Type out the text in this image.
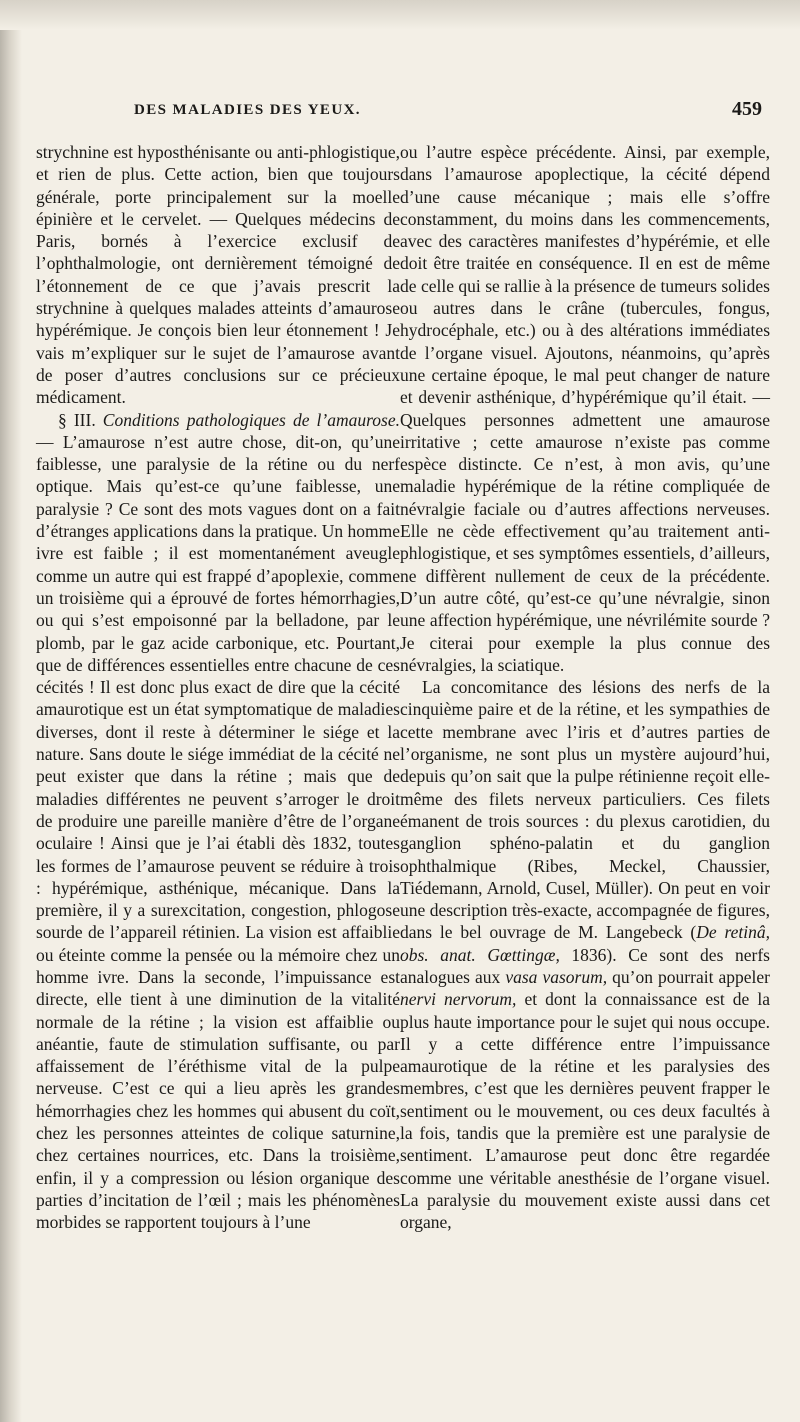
DES MALADIES DES YEUX.	459

strychnine est hyposthénisante ou anti-phlogistique, et rien de plus. Cette action, bien que toujours générale, porte principalement sur la moelle épinière et le cervelet. — Quelques médecins de Paris, bornés à l’exercice exclusif de l’ophthalmologie, ont dernièrement témoigné de l’étonnement de ce que j’avais prescrit la strychnine à quelques malades atteints d’amaurose hypérémique. Je conçois bien leur étonnement ! Je vais m’expliquer sur le sujet de l’amaurose avant de poser d’autres conclusions sur ce précieux médicament.

§ III. Conditions pathologiques de l’amaurose. — L’amaurose n’est autre chose, dit-on, qu’une faiblesse, une paralysie de la rétine ou du nerf optique. Mais qu’est-ce qu’une faiblesse, une paralysie ? Ce sont des mots vagues dont on a fait d’étranges applications dans la pratique. Un homme ivre est faible ; il est momentanément aveugle comme un autre qui est frappé d’apoplexie, comme un troisième qui a éprouvé de fortes hémorrhagies, ou qui s’est empoisonné par la belladone, par le plomb, par le gaz acide carbonique, etc. Pourtant, que de différences essentielles entre chacune de ces cécités ! Il est donc plus exact de dire que la cécité amaurotique est un état symptomatique de maladies diverses, dont il reste à déterminer le siége et la nature. Sans doute le siége immédiat de la cécité ne peut exister que dans la rétine ; mais que de maladies différentes ne peuvent s’arroger le droit de produire une pareille manière d’être de l’organe oculaire ! Ainsi que je l’ai établi dès 1832, toutes les formes de l’amaurose peuvent se réduire à trois : hypérémique, asthénique, mécanique. Dans la première, il y a surexcitation, congestion, phlogose sourde de l’appareil rétinien. La vision est affaiblie ou éteinte comme la pensée ou la mémoire chez un homme ivre. Dans la seconde, l’impuissance est directe, elle tient à une diminution de la vitalité normale de la rétine ; la vision est affaiblie ou anéantie, faute de stimulation suffisante, ou par affaissement de l’éréthisme vital de la pulpe nerveuse. C’est ce qui a lieu après les grandes hémorrhagies chez les hommes qui abusent du coït, chez les personnes atteintes de colique saturnine, chez certaines nourrices, etc. Dans la troisième, enfin, il y a compression ou lésion organique des parties d’incitation de l’œil ; mais les phénomènes morbides se rapportent toujours à l’une

ou l’autre espèce précédente. Ainsi, par exemple, dans l’amaurose apoplectique, la cécité dépend d’une cause mécanique ; mais elle s’offre constamment, du moins dans les commencements, avec des caractères manifestes d’hypérémie, et elle doit être traitée en conséquence. Il en est de même de celle qui se rallie à la présence de tumeurs solides ou autres dans le crâne (tubercules, fongus, hydrocéphale, etc.) ou à des altérations immédiates de l’organe visuel. Ajoutons, néanmoins, qu’après une certaine époque, le mal peut changer de nature et devenir asthénique, d’hypérémique qu’il était. — Quelques personnes admettent une amaurose irritative ; cette amaurose n’existe pas comme espèce distincte. Ce n’est, à mon avis, qu’une maladie hypérémique de la rétine compliquée de névralgie faciale ou d’autres affections nerveuses. Elle ne cède effectivement qu’au traitement anti-phlogistique, et ses symptômes essentiels, d’ailleurs, ne diffèrent nullement de ceux de la précédente. D’un autre côté, qu’est-ce qu’une névralgie, sinon une affection hypérémique, une névrilémite sourde ? Je citerai pour exemple la plus connue des névralgies, la sciatique.

La concomitance des lésions des nerfs de la cinquième paire et de la rétine, et les sympathies de cette membrane avec l’iris et d’autres parties de l’organisme, ne sont plus un mystère aujourd’hui, depuis qu’on sait que la pulpe rétinienne reçoit elle-même des filets nerveux particuliers. Ces filets émanent de trois sources : du plexus carotidien, du ganglion sphéno-palatin et du ganglion ophthalmique (Ribes, Meckel, Chaussier, Tiédemann, Arnold, Cusel, Müller). On peut en voir une description très-exacte, accompagnée de figures, dans le bel ouvrage de M. Langebeck (De retinâ, obs. anat. Gœttingæ, 1836). Ce sont des nerfs analogues aux vasa vasorum, qu’on pourrait appeler nervi nervorum, et dont la connaissance est de la plus haute importance pour le sujet qui nous occupe. Il y a cette différence entre l’impuissance amaurotique de la rétine et les paralysies des membres, c’est que les dernières peuvent frapper le sentiment ou le mouvement, ou ces deux facultés à la fois, tandis que la première est une paralysie de sentiment. L’amaurose peut donc être regardée comme une véritable anesthésie de l’organe visuel. La paralysie du mouvement existe aussi dans cet organe,
